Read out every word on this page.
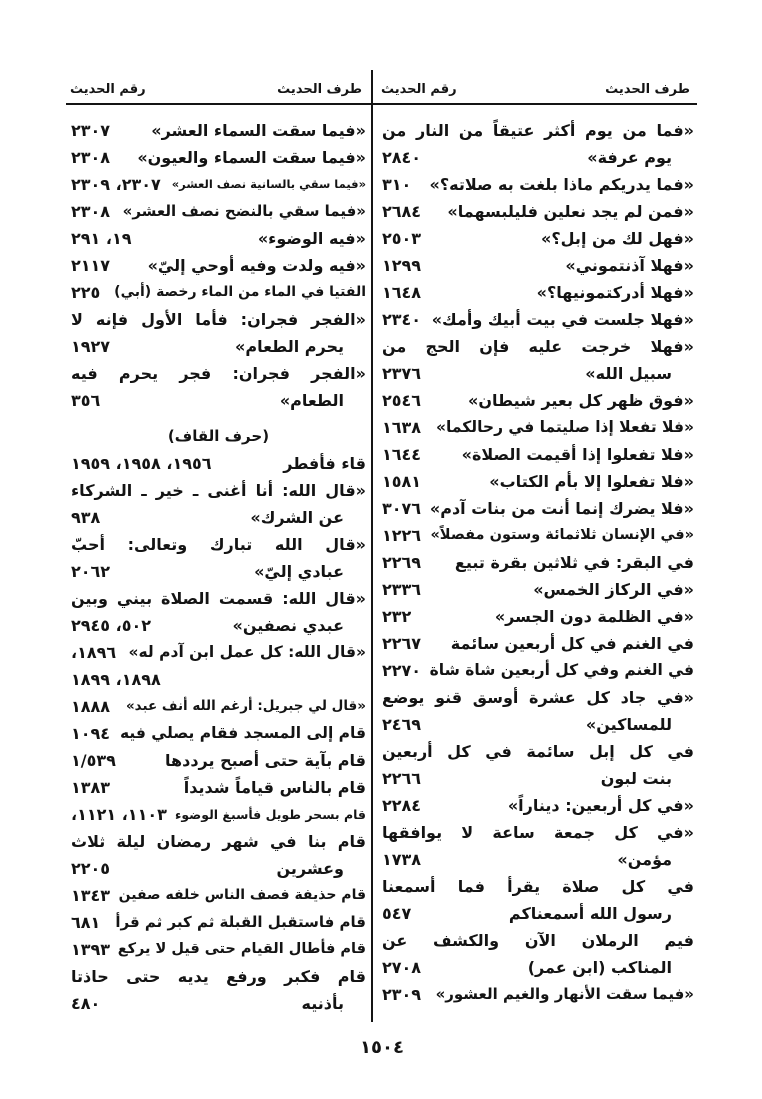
طرف الحديث
رقم الحديث
طرف الحديث
رقم الحديث
«فما من يوم أكثر عتيقاً من النار من
يوم عرفة»
٢٨٤٠
«فما يدريكم ماذا بلغت به صلاته؟»
٣١٠
«فمن لم يجد نعلين فليلبسهما»
٢٦٨٤
«فهل لك من إبل؟»
٢٥٠٣
«فهلا آذنتموني»
١٢٩٩
«فهلا أدركتمونيها؟»
١٦٤٨
«فهلا جلست في بيت أبيك وأمك»
٢٣٤٠
«فهلا خرجت عليه فإن الحج من
سبيل الله»
٢٣٧٦
«فوق ظهر كل بعير شيطان»
٢٥٤٦
«فلا تفعلا إذا صليتما في رحالكما»
١٦٣٨
«فلا تفعلوا إذا أقيمت الصلاة»
١٦٤٤
«فلا تفعلوا إلا بأم الكتاب»
١٥٨١
«فلا يضرك إنما أنت من بنات آدم»
٣٠٧٦
«في الإنسان ثلاثمائة وستون مفصلاً»
١٢٢٦
في البقر: في ثلاثين بقرة تبيع
٢٢٦٩
«في الركاز الخمس»
٢٣٣٦
«في الظلمة دون الجسر»
٢٣٢
في الغنم في كل أربعين سائمة
٢٢٦٧
في الغنم وفي كل أربعين شاة شاة
٢٢٧٠
«في جاد كل عشرة أوسق قنو يوضع
للمساكين»
٢٤٦٩
في كل إبل سائمة في كل أربعين
بنت لبون
٢٢٦٦
«في كل أربعين: ديناراً»
٢٢٨٤
«في كل جمعة ساعة لا يوافقها
مؤمن»
١٧٣٨
في كل صلاة يقرأ فما أسمعنا
رسول الله أسمعناكم
٥٤٧
فيم الرملان الآن والكشف عن
المناكب (ابن عمر)
٢٧٠٨
«فيما سقت الأنهار والغيم العشور»
٢٣٠٩
«فيما سقت السماء العشر»
٢٣٠٧
«فيما سقت السماء والعيون»
٢٣٠٨
«فيما سقي بالسانية نصف العشر»
٢٣٠٧، ٢٣٠٩
«فيما سقي بالنضح نصف العشر»
٢٣٠٨
«فيه الوضوء»
١٩، ٢٩١
«فيه ولدت وفيه أوحي إليّ»
٢١١٧
الفتيا في الماء من الماء رخصة (أبي)
٢٢٥
«الفجر فجران: فأما الأول فإنه لا
يحرم الطعام»
١٩٢٧
«الفجر فجران: فجر يحرم فيه
الطعام»
٣٥٦
(حرف القاف)
قاء فأفطر
١٩٥٦، ١٩٥٨، ١٩٥٩
«قال الله: أنا أغنى ـ خير ـ الشركاء
عن الشرك»
٩٣٨
«قال الله تبارك وتعالى: أحبّ
عبادي إليّ»
٢٠٦٢
«قال الله: قسمت الصلاة بيني وبين
عبدي نصفين»
٥٠٢، ٢٩٤٥
«قال الله: كل عمل ابن آدم له»
١٨٩٦،
١٨٩٨، ١٨٩٩
«قال لي جبريل: أرغم الله أنف عبد»
١٨٨٨
قام إلى المسجد فقام يصلي فيه
١٠٩٤
قام بآية حتى أصبح يرددها
١/٥٣٩
قام بالناس قياماً شديداً
١٣٨٣
قام بسحر طويل فأسبغ الوضوء
١١٠٣، ١١٢١،
قام بنا في شهر رمضان ليلة ثلاث
وعشرين
٢٢٠٥
قام حذيفة فصف الناس خلفه صفين
١٣٤٣
قام فاستقبل القبلة ثم كبر ثم قرأ
٦٨١
قام فأطال القيام حتى قيل لا يركع
١٣٩٣
قام فكبر ورفع يديه حتى حاذتا
بأذنيه
٤٨٠
١٥٠٤
